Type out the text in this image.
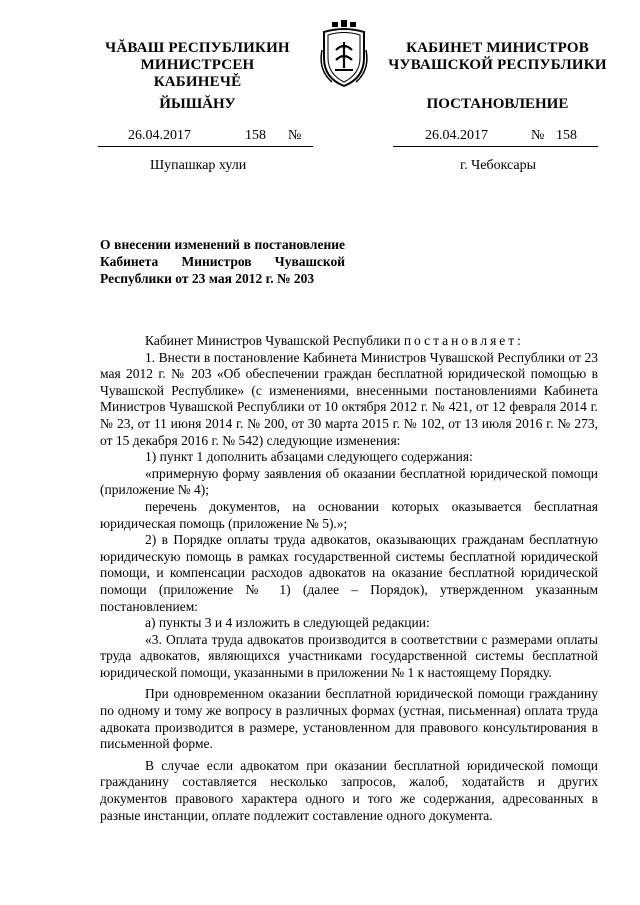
ЧĂВАШ РЕСПУБЛИКИН
МИНИСТРСЕН КАБИНЕЧĚ
КАБИНЕТ МИНИСТРОВ
ЧУВАШСКОЙ РЕСПУБЛИКИ
ЙЫШĂНУ	ПОСТАНОВЛЕНИЕ
26.04.2017	158 №	26.04.2017	№ 158
Шупашкар хули	г. Чебоксары
О внесении изменений в постановление Кабинета Министров Чувашской Республики от 23 мая 2012 г. № 203

Кабинет Министров Чувашской Республики постановляет:

1. Внести в постановление Кабинета Министров Чувашской Республики от 23 мая 2012 г. № 203 «Об обеспечении граждан бесплатной юридической помощью в Чувашской Республике» (с изменениями, внесенными постановлениями Кабинета Министров Чувашской Республики от 10 октября 2012 г. № 421, от 12 февраля 2014 г. № 23, от 11 июня 2014 г. № 200, от 30 марта 2015 г. № 102, от 13 июля 2016 г. № 273, от 15 декабря 2016 г. № 542) следующие изменения:

1) пункт 1 дополнить абзацами следующего содержания:

«примерную форму заявления об оказании бесплатной юридической помощи (приложение № 4);

перечень документов, на основании которых оказывается бесплатная юридическая помощь (приложение № 5).»;

2) в Порядке оплаты труда адвокатов, оказывающих гражданам бесплатную юридическую помощь в рамках государственной системы бесплатной юридической помощи, и компенсации расходов адвокатов на оказание бесплатной юридической помощи (приложение № 1) (далее – Порядок), утвержденном указанным постановлением:

а) пункты 3 и 4 изложить в следующей редакции:

«3. Оплата труда адвокатов производится в соответствии с размерами оплаты труда адвокатов, являющихся участниками государственной системы бесплатной юридической помощи, указанными в приложении № 1 к настоящему Порядку.

При одновременном оказании бесплатной юридической помощи гражданину по одному и тому же вопросу в различных формах (устная, письменная) оплата труда адвоката производится в размере, установленном для правового консультирования в письменной форме.

В случае если адвокатом при оказании бесплатной юридической помощи гражданину составляется несколько запросов, жалоб, ходатайств и других документов правового характера одного и того же содержания, адресованных в разные инстанции, оплате подлежит составление одного документа.
